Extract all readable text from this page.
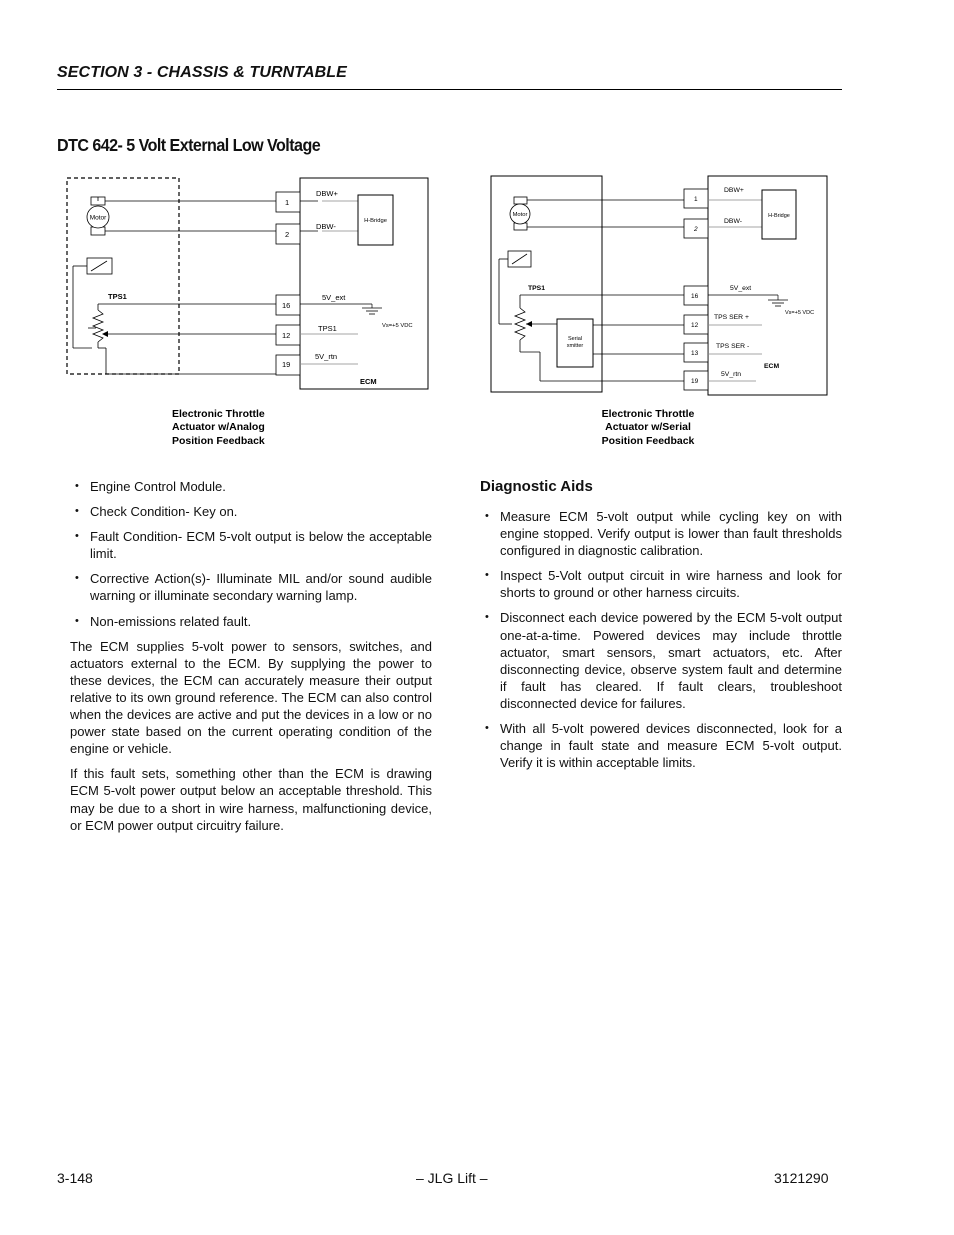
SECTION 3 - CHASSIS & TURNTABLE
DTC 642- 5 Volt External Low Voltage
Motor
TPS1
1
2
16
12
19
DBW+
DBW-
5V_ext
TPS1
5V_rtn
H-Bridge
Vs=+5 VDC
ECM
Electronic Throttle
Actuator w/Analog
Position Feedback
Motor
TPS1
Serial
xmitter
1
2
16
12
13
19
DBW+
DBW-
5V_ext
TPS SER +
TPS SER -
5V_rtn
H-Bridge
Vs=+5 VDC
ECM
Electronic Throttle
Actuator w/Serial
Position Feedback
• Engine Control Module.
• Check Condition- Key on.
• Fault Condition- ECM 5-volt output is below the acceptable limit.
• Corrective Action(s)- Illuminate MIL and/or sound audible warning or illuminate secondary warning lamp.
• Non-emissions related fault.

The ECM supplies 5-volt power to sensors, switches, and actuators external to the ECM. By supplying the power to these devices, the ECM can accurately measure their output relative to its own ground reference. The ECM can also control when the devices are active and put the devices in a low or no power state based on the current operating condition of the engine or vehicle.

If this fault sets, something other than the ECM is drawing ECM 5-volt power output below an acceptable threshold. This may be due to a short in wire harness, malfunctioning device, or ECM power output circuitry failure.

Diagnostic Aids
• Measure ECM 5-volt output while cycling key on with engine stopped. Verify output is lower than fault thresholds configured in diagnostic calibration.
• Inspect 5-Volt output circuit in wire harness and look for shorts to ground or other harness circuits.
• Disconnect each device powered by the ECM 5-volt output one-at-a-time. Powered devices may include throttle actuator, smart sensors, smart actuators, etc. After disconnecting device, observe system fault and determine if fault has cleared. If fault clears, troubleshoot disconnected device for failures.
• With all 5-volt powered devices disconnected, look for a change in fault state and measure ECM 5-volt output. Verify it is within acceptable limits.
3-148	– JLG Lift –	3121290
